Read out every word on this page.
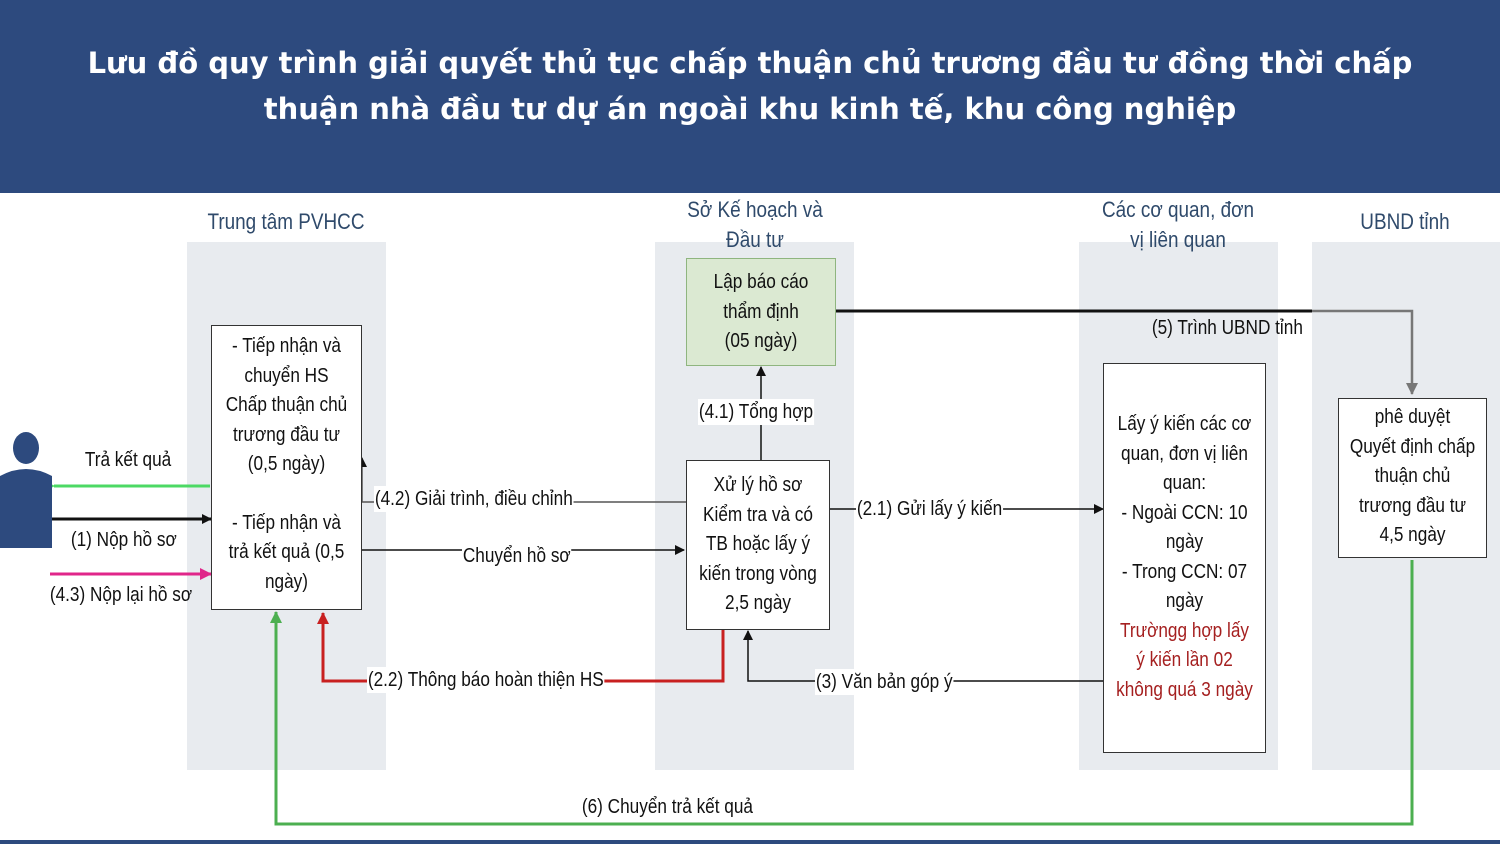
Lưu đồ quy trình giải quyết thủ tục chấp thuận chủ trương đầu tư đồng thời chấp thuận nhà đầu tư dự án ngoài khu kinh tế, khu công nghiệp

Trung tâm PVHCC	Sở Kế hoạch và Đầu tư
Các cơ quan, đơn vị liên quan
UBND tỉnh
- Tiếp nhận và
chuyển HS
Chấp thuận chủ
trương đầu tư
(0,5 ngày)
- Tiếp nhận và
trả kết quả (0,5
ngày)
Lập báo cáo
thẩm định
(05 ngày)
Xử lý hồ sơ
Kiểm tra và có
TB hoặc lấy ý
kiến trong vòng
2,5 ngày
Lấy ý kiến các cơ
quan, đơn vị liên
quan:
- Ngoài CCN: 10
ngày
- Trong CCN: 07
ngày
Trườngg hợp lấy
ý kiến lần 02
không quá 3 ngày
phê duyệt
Quyết định chấp
thuận chủ
trương đầu tư
4,5 ngày
Trả kết quả
(1) Nộp hồ sơ
(4.3) Nộp lại hồ sơ
(4.2) Giải trình, điều chỉnh
Chuyển hồ sơ
(2.2) Thông báo hoàn thiện HS
(4.1) Tổng hợp
(2.1) Gửi lấy ý kiến
(3) Văn bản góp ý
(5) Trình UBND tỉnh
(6) Chuyển trả kết quả
